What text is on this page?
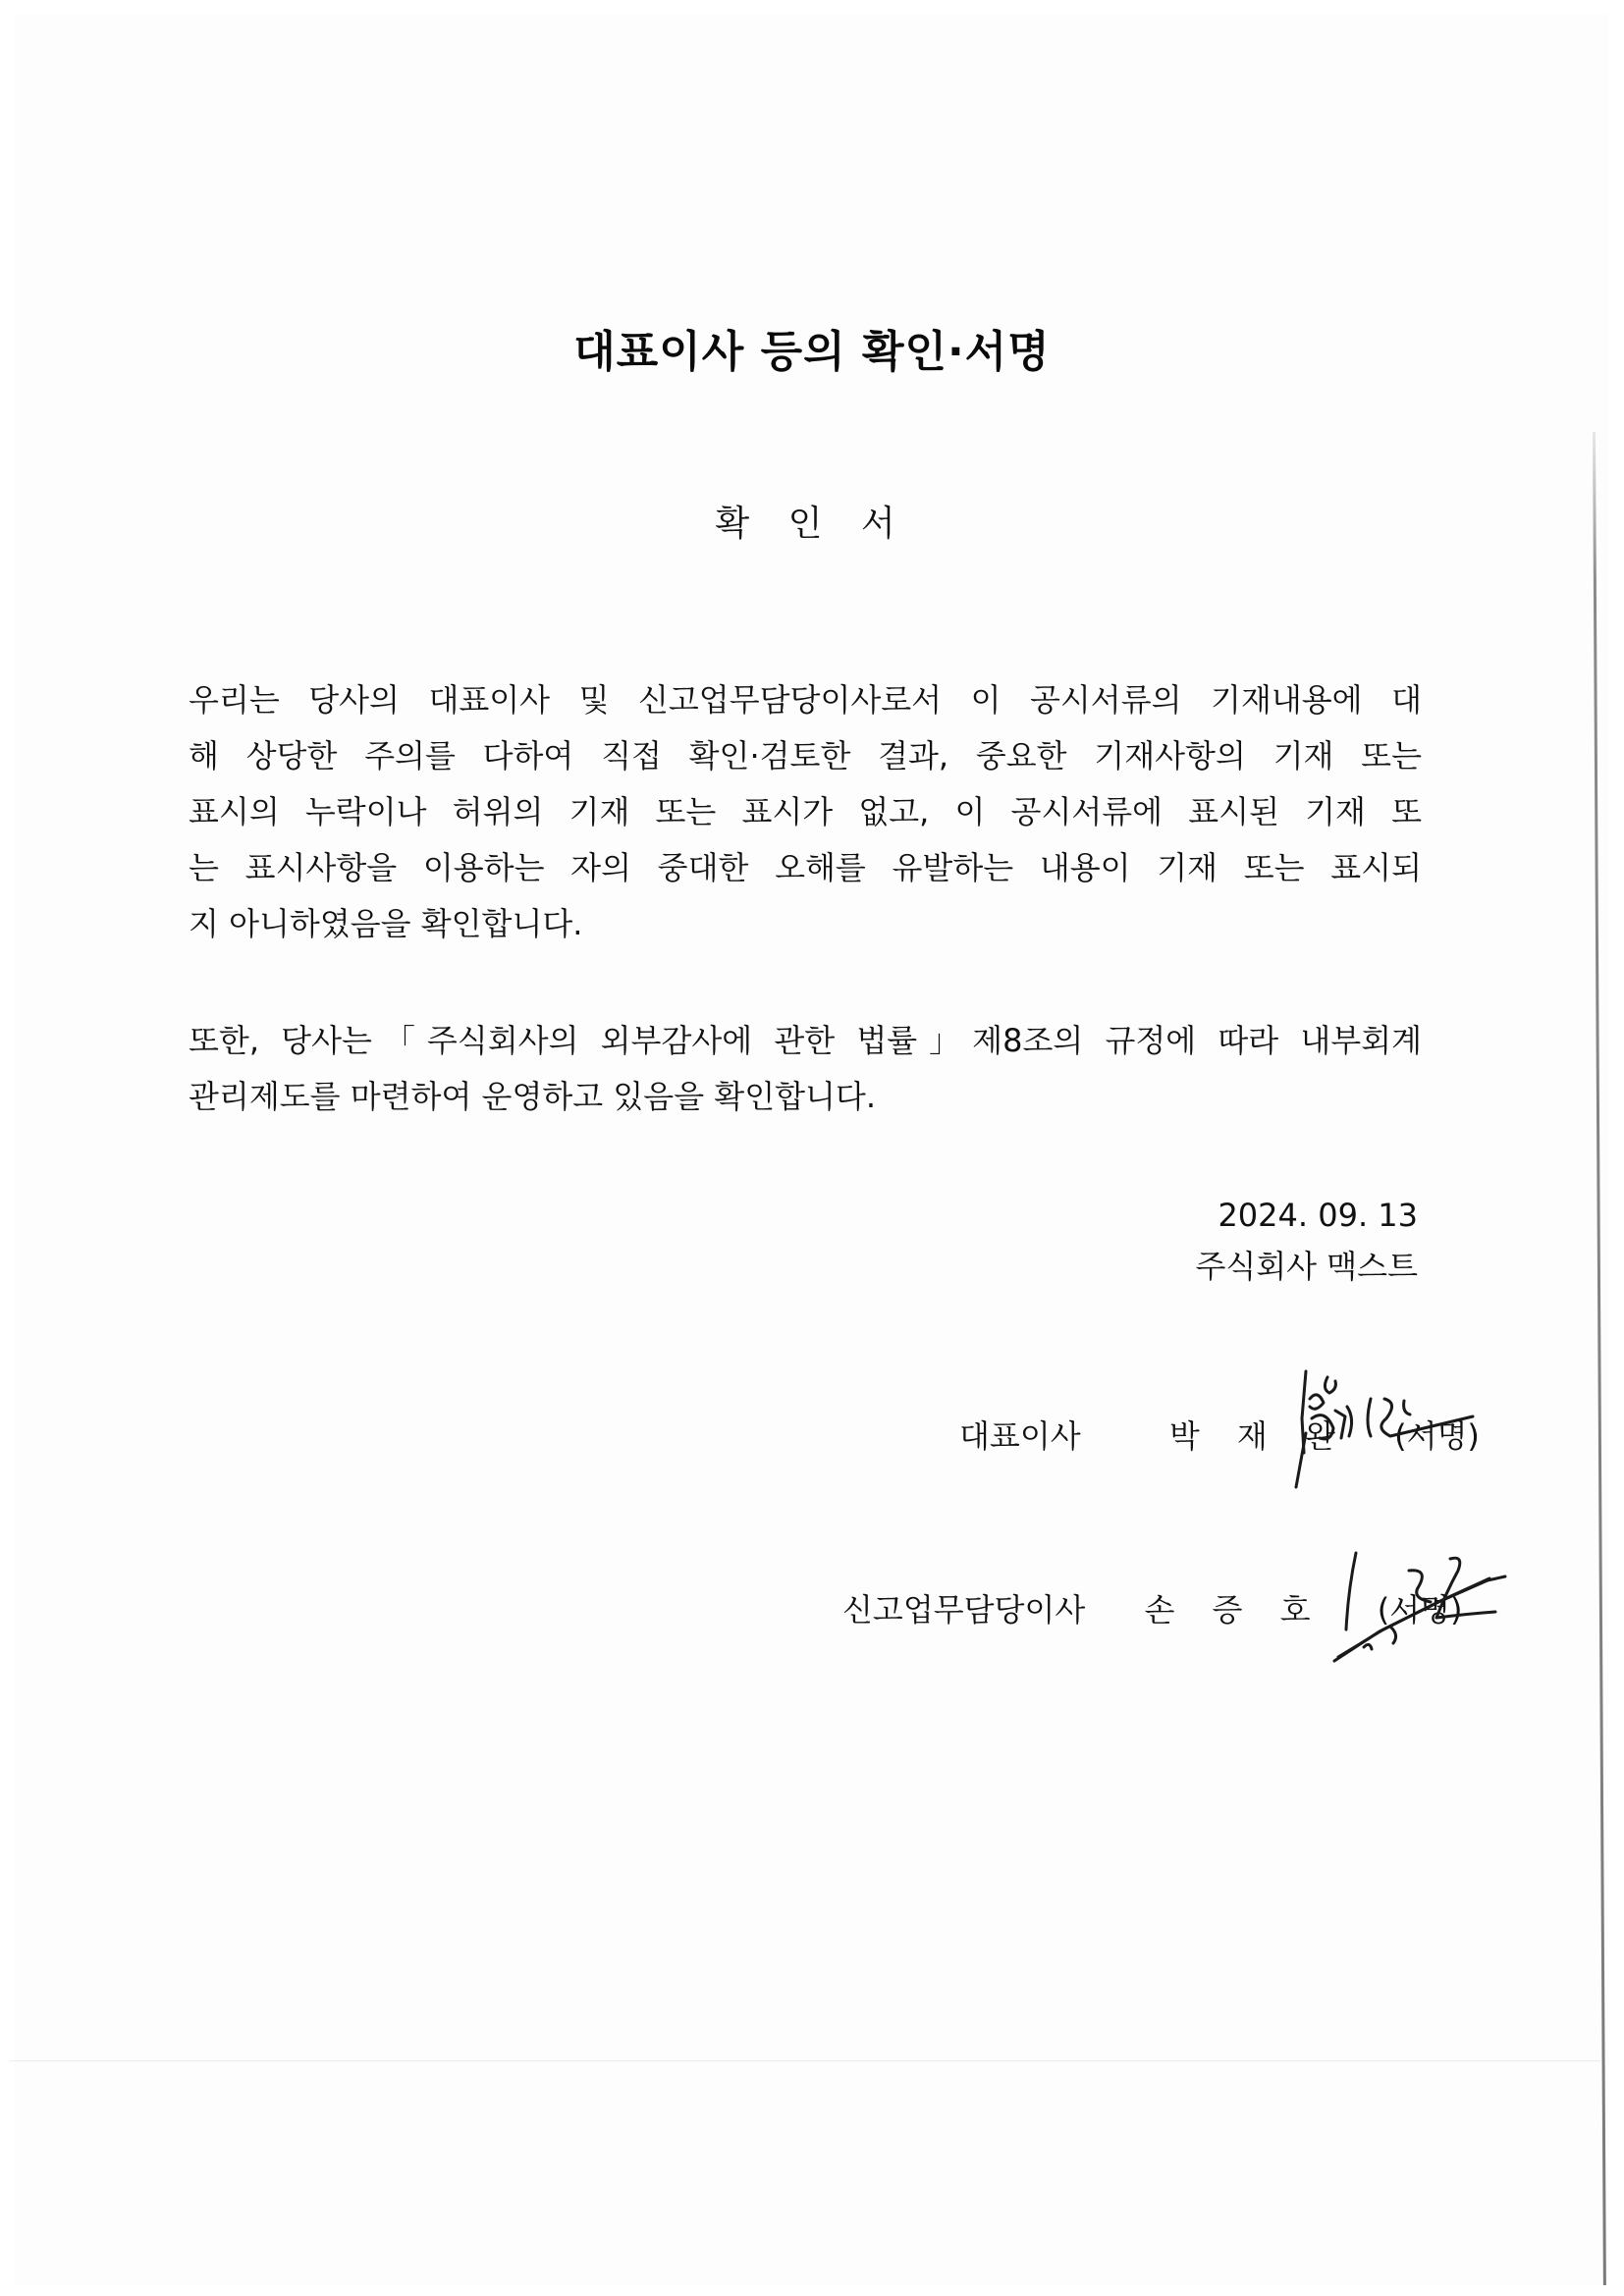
대표이사 등의 확인·서명
확 인 서
우리는 당사의 대표이사 및 신고업무담당이사로서 이 공시서류의 기재내용에 대
해 상당한 주의를 다하여 직접 확인·검토한 결과, 중요한 기재사항의 기재 또는
표시의 누락이나 허위의 기재 또는 표시가 없고, 이 공시서류에 표시된 기재 또
는 표시사항을 이용하는 자의 중대한 오해를 유발하는 내용이 기재 또는 표시되
지 아니하였음을 확인합니다.
또한, 당사는「주식회사의 외부감사에 관한 법률」제8조의 규정에 따라 내부회계
관리제도를 마련하여 운영하고 있음을 확인합니다.
2024. 09. 13
주식회사 맥스트
대표이사	박 재 완 (서명)
신고업무담당이사 손 증 호 (서명)
